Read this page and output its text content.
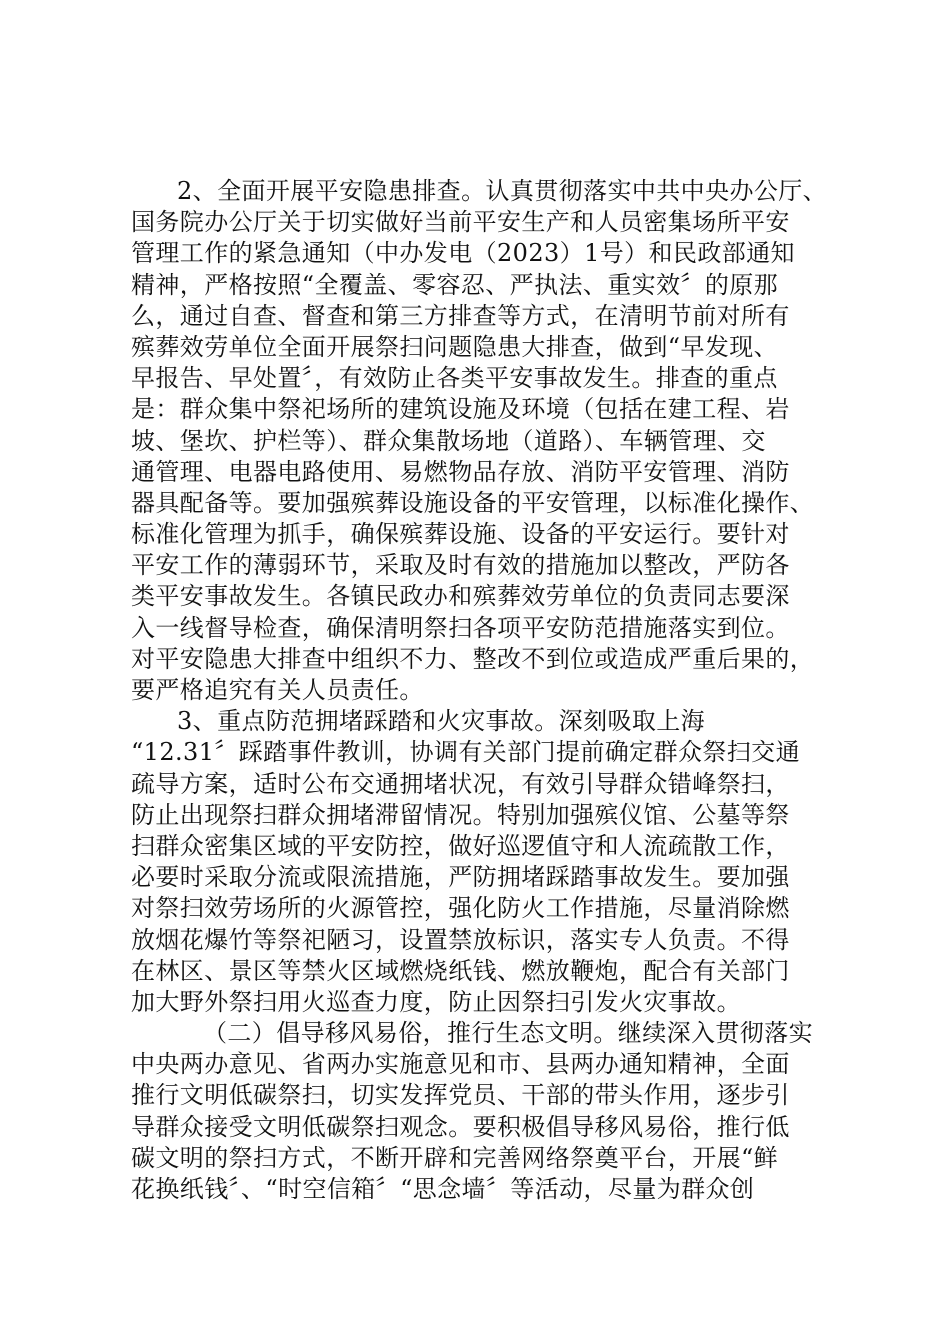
2、全面开展平安隐患排查。认真贯彻落实中共中央办公厅、
国务院办公厅关于切实做好当前平安生产和人员密集场所平安
管理工作的紧急通知（中办发电（2023）1号）和民政部通知
精神，严格按照“全覆盖、零容忍、严执法、重实效〞的原那
么，通过自查、督查和第三方排查等方式，在清明节前对所有
殡葬效劳单位全面开展祭扫问题隐患大排查，做到“早发现、
早报告、早处置〞，有效防止各类平安事故发生。排查的重点
是：群众集中祭祀场所的建筑设施及环境（包括在建工程、岩
坡、堡坎、护栏等）、群众集散场地（道路）、车辆管理、交
通管理、电器电路使用、易燃物品存放、消防平安管理、消防
器具配备等。要加强殡葬设施设备的平安管理，以标准化操作、
标准化管理为抓手，确保殡葬设施、设备的平安运行。要针对
平安工作的薄弱环节，采取及时有效的措施加以整改，严防各
类平安事故发生。各镇民政办和殡葬效劳单位的负责同志要深
入一线督导检查，确保清明祭扫各项平安防范措施落实到位。
对平安隐患大排查中组织不力、整改不到位或造成严重后果的，
要严格追究有关人员责任。
3、重点防范拥堵踩踏和火灾事故。深刻吸取上海
“12.31〞踩踏事件教训，协调有关部门提前确定群众祭扫交通
疏导方案，适时公布交通拥堵状况，有效引导群众错峰祭扫，
防止出现祭扫群众拥堵滞留情况。特别加强殡仪馆、公墓等祭
扫群众密集区域的平安防控，做好巡逻值守和人流疏散工作，
必要时采取分流或限流措施，严防拥堵踩踏事故发生。要加强
对祭扫效劳场所的火源管控，强化防火工作措施，尽量消除燃
放烟花爆竹等祭祀陋习，设置禁放标识，落实专人负责。不得
在林区、景区等禁火区域燃烧纸钱、燃放鞭炮，配合有关部门
加大野外祭扫用火巡查力度，防止因祭扫引发火灾事故。
（二）倡导移风易俗，推行生态文明。继续深入贯彻落实
中央两办意见、省两办实施意见和市、县两办通知精神，全面
推行文明低碳祭扫，切实发挥党员、干部的带头作用，逐步引
导群众接受文明低碳祭扫观念。要积极倡导移风易俗，推行低
碳文明的祭扫方式，不断开辟和完善网络祭奠平台，开展“鲜
花换纸钱〞、“时空信箱〞“思念墙〞等活动，尽量为群众创
